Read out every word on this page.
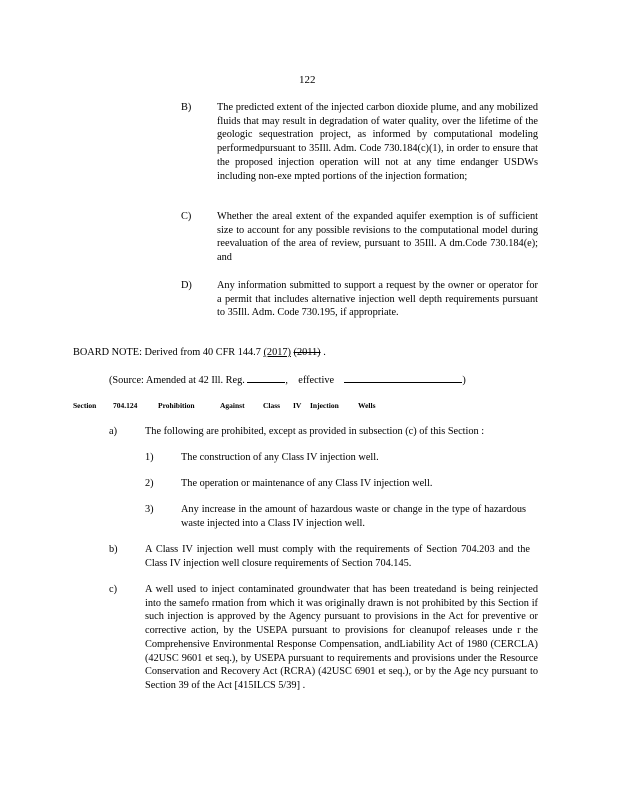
122
B) The predicted extent of the injected carbon dioxide plume, and any mobilized fluids that may result in degradation of water quality, over the lifetime of the geologic sequestration project, as informed by computational modeling performedpursuant to 35Ill. Adm. Code 730.184(c)(1), in order to ensure that the proposed injection operation will not at any time endanger USDWs including non-exe mpted portions of the injection formation;
C) Whether the areal extent of the expanded aquifer exemption is of sufficient size to account for any possible revisions to the computational model during reevaluation of the area of review, pursuant to 35Ill. A dm.Code 730.184(e); and
D) Any information submitted to support a request by the owner or operator for a permit that includes alternative injection well depth requirements pursuant to 35Ill. Adm. Code 730.195, if appropriate.
BOARD NOTE: Derived from 40 CFR 144.7 (2017) (2011) .
(Source: Amended at 42 Ill. Reg.	, effective	)
Section 704.124	Prohibition	Against Class IV Injection	Wells
a)	The following are prohibited, except as provided in subsection (c) of this Section :
1)	The construction of any Class IV injection well.
2)	The operation or maintenance of any Class IV injection well.
3)	Any increase in the amount of hazardous waste or change in the type of hazardous waste injected into a Class IV injection well.
b)	A Class IV injection well must comply with the requirements of Section 704.203 and the Class IV injection well closure requirements of Section 704.145.
c)	A well used to inject contaminated groundwater that has been treatedand is being reinjected into the samefo rmation from which it was originally drawn is not prohibited by this Section if such injection is approved by the Agency pursuant to provisions in the Act for preventive or corrective action, by the USEPA pursuant to provisions for cleanupof releases unde r the Comprehensive Environmental Response Compensation, andLiability Act of 1980 (CERCLA) (42USC 9601 et seq.), by USEPA pursuant to requirements and provisions under the Resource Conservation and Recovery Act (RCRA) (42USC 6901 et seq.), or by the Age ncy pursuant to Section 39 of the Act [415ILCS 5/39] .
